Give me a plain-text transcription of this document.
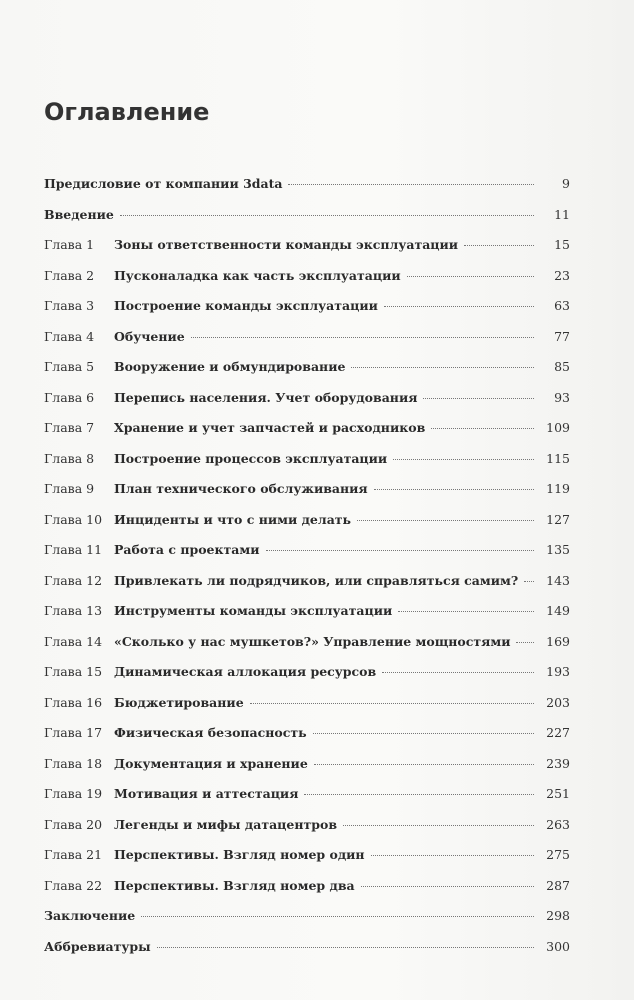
Оглавление
Предисловие от компании 3data	9
Введение	11
Глава 1	Зоны ответственности команды эксплуатации	15
Глава 2	Пусконаладка как часть эксплуатации	23
Глава 3	Построение команды эксплуатации	63
Глава 4	Обучение	77
Глава 5	Вооружение и обмундирование	85
Глава 6	Перепись населения. Учет оборудования	93
Глава 7	Хранение и учет запчастей и расходников	109
Глава 8	Построение процессов эксплуатации	115
Глава 9	План технического обслуживания	119
Глава 10 Инциденты и что с ними делать	127
Глава 11 Работа с проектами	135
Глава 12 Привлекать ли подрядчиков, или справляться самим?	143
Глава 13 Инструменты команды эксплуатации	149
Глава 14 «Сколько у нас мушкетов?» Управление мощностями	169
Глава 15 Динамическая аллокация ресурсов	193
Глава 16 Бюджетирование	203
Глава 17 Физическая безопасность	227
Глава 18 Документация и хранение	239
Глава 19 Мотивация и аттестация	251
Глава 20 Легенды и мифы датацентров	263
Глава 21 Перспективы. Взгляд номер один	275
Глава 22 Перспективы. Взгляд номер два	287
Заключение	298
Аббревиатуры	300
